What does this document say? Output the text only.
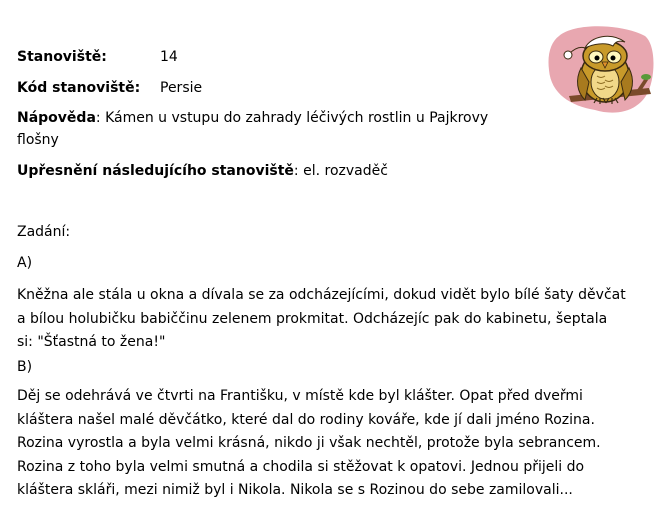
Stanoviště:	14
Kód stanoviště: Persie
Nápověda: Kámen u vstupu do zahrady léčivých rostlin u Pajkrovy
flošny
Upřesnění následujícího stanoviště: el. rozvaděč
Zadání:
A)
Kněžna ale stála u okna a dívala se za odcházejícími, dokud vidět bylo bílé šaty děvčat
a bílou holubičku babiččinu zelenem prokmitat. Odcházejíc pak do kabinetu, šeptala
si: "Šťastná to žena!"
B)
Děj se odehrává ve čtvrti na Františku, v místě kde byl klášter. Opat před dveřmi
kláštera našel malé děvčátko, které dal do rodiny kováře, kde jí dali jméno Rozina.
Rozina vyrostla a byla velmi krásná, nikdo ji však nechtěl, protože byla sebrancem.
Rozina z toho byla velmi smutná a chodila si stěžovat k opatovi. Jednou přijeli do
kláštera skláři, mezi nimiž byl i Nikola. Nikola se s Rozinou do sebe zamilovali...
